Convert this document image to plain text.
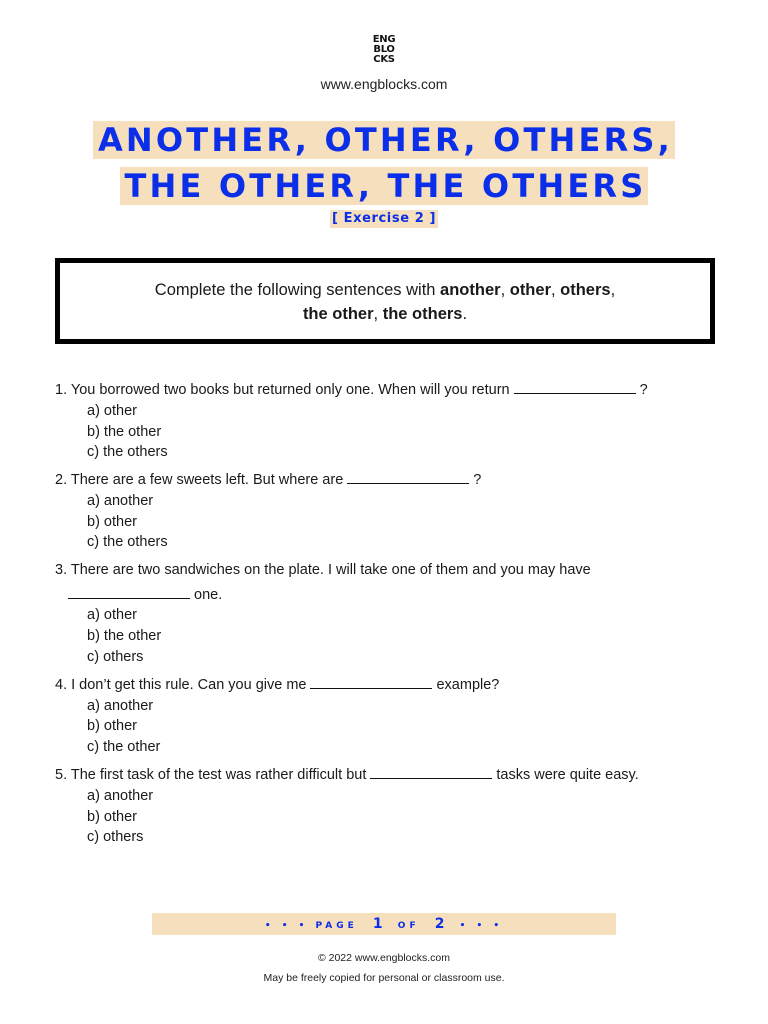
ENG
BLO
CKS
www.engblocks.com
ANOTHER, OTHER, OTHERS,
THE OTHER, THE OTHERS
[ Exercise 2 ]
Complete the following sentences with another, other, others,
the other, the others.
1. You borrowed two books but returned only one. When will you return	?
a) other
b) the other
c) the others
2. There are a few sweets left. But where are	?
a) another
b) other
c) the others
3. There are two sandwiches on the plate. I will take one of them and you may have
one.
a) other
b) the other
c) others
4. I don’t get this rule. Can you give me	example?
a) another
b) other
c) the other
5. The first task of the test was rather difficult but	tasks were quite easy.
a) another
b) other
c) others
• • • PAGE 1 OF 2 • • •
© 2022 www.engblocks.com
May be freely copied for personal or classroom use.
